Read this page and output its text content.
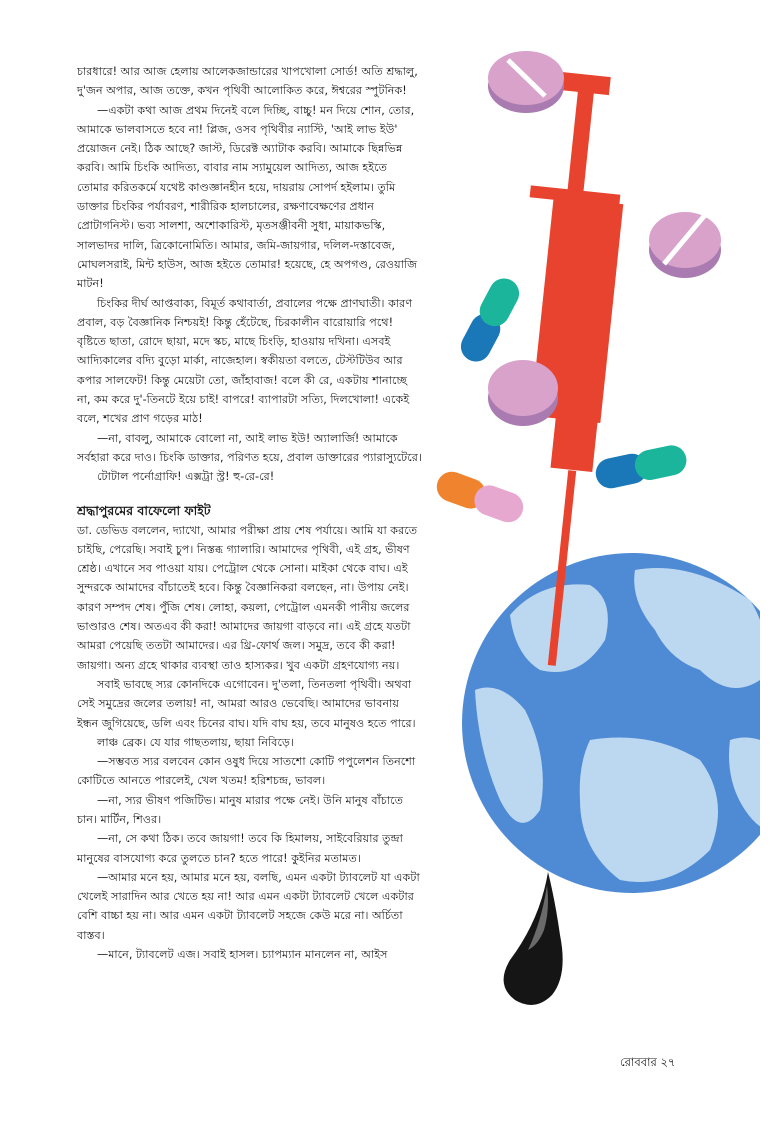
চারধারে! আর আজ হেলায় আলেকজান্ডারের খাপখোলা সোর্ড! অতি শ্রদ্ধালু, দু'জন অপার, আজ তক্তে, কখন পৃথিবী আলোকিত করে, ঈশ্বরের স্পুটনিক!

—একটা কথা আজ প্রথম দিনেই বলে দিচ্ছি, বাচ্চু! মন দিয়ে শোন, তোর, আমাকে ভালবাসতে হবে না! প্লিজ, ওসব পৃথিবীর ন্যাস্টি, 'আই লাভ ইউ' প্রয়োজন নেই। ঠিক আছে? জাস্ট, ডিরেক্ট অ্যাটাক করবি। আমাকে ছিন্নভিন্ন করবি। আমি চিংকি আদিত্য, বাবার নাম স্যামুয়েল আদিত্য, আজ হইতে তোমার করিতকর্মে যথেষ্ট কাণ্ডজ্ঞানহীন হয়ে, দায়রায় সোপর্দ হইলাম। তুমি ডাক্তার চিংকির পর্যাবরণ, শারীরিক হালচালের, রক্ষণাবেক্ষণের প্রধান প্রোটাগনিস্ট। ভব্য সালশা, অশোকারিস্ট, মৃতসঞ্জীবনী সুধা, মায়াকভস্কি, সালভাদর দালি, ত্রিকোনোমিতি। আমার, জমি-জায়গার, দলিল-দস্তাবেজ, মোঘলসরাই, মিন্ট হাউস, আজ হইতে তোমার! হয়েছে, হে অপগণ্ড, রেওয়াজি মাটন!

চিংকির দীর্ঘ আপ্তবাক্য, বিমূর্ত কথাবার্তা, প্রবালের পক্ষে প্রাণঘাতী। কারণ প্রবাল, বড় বৈজ্ঞানিক নিশ্চয়ই! কিন্তু হেঁটেছে, চিরকালীন বারোয়ারি পথে! বৃষ্টিতে ছাতা, রোদে ছায়া, মদে স্কচ, মাছে চিংড়ি, হাওয়ায় দখিনা। এসবই আদ্যিকালের বদ্যি বুড়ো মার্কা, নাজেহাল। স্বকীয়তা বলতে, টেস্টটিউব আর কপার সালফেট! কিন্তু মেয়েটা তো, জাঁহাবাজ! বলে কী রে, একটায় শানাচ্ছে না, কম করে দু'-তিনটে ইয়ে চাই! বাপরে! ব্যাপারটা সত্যি, দিলখোলা! একেই বলে, শখের প্রাণ গড়ের মাঠ!

—না, বাবলু, আমাকে বোলো না, আই লাভ ইউ! অ্যালার্জি! আমাকে সর্বহারা করে দাও। চিংকি ডাক্তার, পরিণত হয়ে, প্রবাল ডাক্তারের প্যারাস্যুটেরে।

টোটাল পর্নোগ্রাফি! এক্সট্রা স্ট্র! হু-রে-রে!

শ্রদ্ধাপুরমের বাফেলো ফাইট

ডা. ডেভিড বললেন, দ্যাখো, আমার পরীক্ষা প্রায় শেষ পর্যায়ে। আমি যা করতে চাইছি, পেরেছি। সবাই চুপ। নিস্তব্ধ গ্যালারি। আমাদের পৃথিবী, এই গ্রহ, ভীষণ শ্রেষ্ঠ। এখানে সব পাওয়া যায়। পেট্রোল থেকে সোনা। মাইকা থেকে বাঘ। এই সুন্দরকে আমাদের বাঁচাতেই হবে। কিন্তু বৈজ্ঞানিকরা বলছেন, না। উপায় নেই। কারণ সম্পদ শেষ। পুঁজি শেষ। লোহা, কয়লা, পেট্রোল এমনকী পানীয় জলের ভাণ্ডারও শেষ। অতএব কী করা! আমাদের জায়গা বাড়বে না। এই গ্রহে যতটা আমরা পেয়েছি ততটা আমাদের। এর থ্রি-ফোর্থ জল। সমুদ্র, তবে কী করা! জায়গা। অন্য গ্রহে থাকার ব্যবস্থা তাও হাস্যকর। খুব একটা গ্রহণযোগ্য নয়।

সবাই ভাবছে স্যর কোনদিকে এগোবেন। দু'তলা, তিনতলা পৃথিবী। অথবা সেই সমুদ্রের জলের তলায়! না, আমরা আরও ভেবেছি। আমাদের ভাবনায় ইন্ধন জুগিয়েছে, ডলি এবং চিনের বাঘ। যদি বাঘ হয়, তবে মানুষও হতে পারে।

লাঞ্চ ব্রেক। যে যার গাছতলায়, ছায়া নিবিড়ে।

—সম্ভবত স্যর বলবেন কোন ওষুধ দিয়ে সাতশো কোটি পপুলেশন তিনশো কোটিতে আনতে পারলেই, খেল খতম! হরিশচন্দ্র, ভাবল।

—না, স্যর ভীষণ পজিটিভ। মানুষ মারার পক্ষে নেই। উনি মানুষ বাঁচাতে চান। মার্টিন, শিওর।

—না, সে কথা ঠিক। তবে জায়গা! তবে কি হিমালয়, সাইবেরিয়ার তুন্দ্রা মানুষের বাসযোগ্য করে তুলতে চান? হতে পারে! কুইনির মতামত।

—আমার মনে হয়, আমার মনে হয়, বলছি, এমন একটা ট্যাবলেট যা একটা খেলেই সারাদিন আর খেতে হয় না! আর এমন একটা ট্যাবলেট খেলে একটার বেশি বাচ্চা হয় না। আর এমন একটা ট্যাবলেট সহজে কেউ মরে না। অর্চিতা বাস্তব।

—মানে, ট্যাবলেট এজ। সবাই হাসল। চ্যাপম্যান মানলেন না, আইস

রোববার ২৭
